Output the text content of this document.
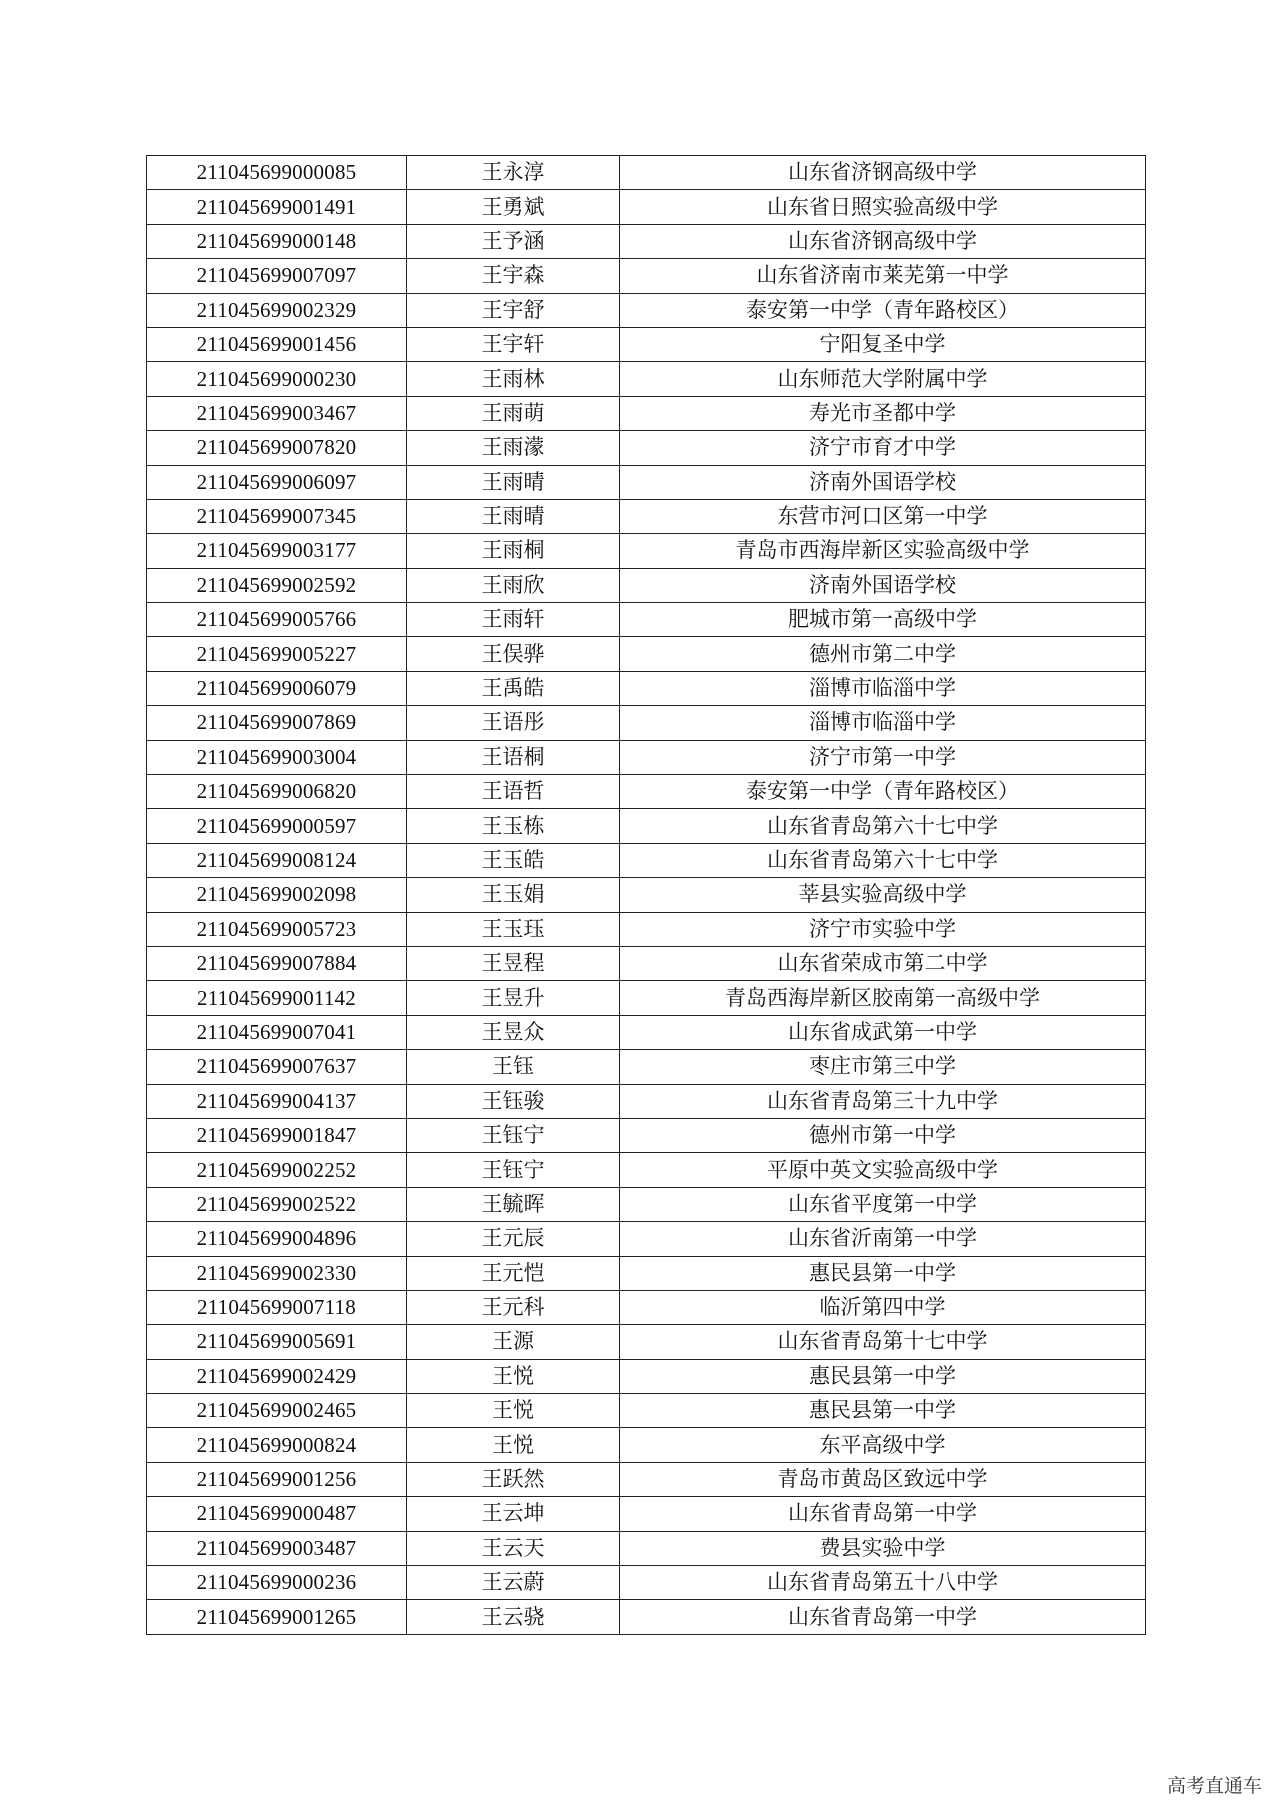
211045699000085	王永淳	山东省济钢高级中学
211045699001491	王勇斌	山东省日照实验高级中学
211045699000148	王予涵	山东省济钢高级中学
211045699007097	王宇森	山东省济南市莱芜第一中学
211045699002329	王宇舒	泰安第一中学（青年路校区）
211045699001456	王宇轩	宁阳复圣中学
211045699000230	王雨林	山东师范大学附属中学
211045699003467	王雨萌	寿光市圣都中学
211045699007820	王雨濛	济宁市育才中学
211045699006097	王雨晴	济南外国语学校
211045699007345	王雨晴	东营市河口区第一中学
211045699003177	王雨桐	青岛市西海岸新区实验高级中学
211045699002592	王雨欣	济南外国语学校
211045699005766	王雨轩	肥城市第一高级中学
211045699005227	王俣骅	德州市第二中学
211045699006079	王禹皓	淄博市临淄中学
211045699007869	王语彤	淄博市临淄中学
211045699003004	王语桐	济宁市第一中学
211045699006820	王语哲	泰安第一中学（青年路校区）
211045699000597	王玉栋	山东省青岛第六十七中学
211045699008124	王玉皓	山东省青岛第六十七中学
211045699002098	王玉娟	莘县实验高级中学
211045699005723	王玉珏	济宁市实验中学
211045699007884	王昱程	山东省荣成市第二中学
211045699001142	王昱升	青岛西海岸新区胶南第一高级中学
211045699007041	王昱众	山东省成武第一中学
211045699007637	王钰	枣庄市第三中学
211045699004137	王钰骏	山东省青岛第三十九中学
211045699001847	王钰宁	德州市第一中学
211045699002252	王钰宁	平原中英文实验高级中学
211045699002522	王毓晖	山东省平度第一中学
211045699004896	王元辰	山东省沂南第一中学
211045699002330	王元恺	惠民县第一中学
211045699007118	王元科	临沂第四中学
211045699005691	王源	山东省青岛第十七中学
211045699002429	王悦	惠民县第一中学
211045699002465	王悦	惠民县第一中学
211045699000824	王悦	东平高级中学
211045699001256	王跃然	青岛市黄岛区致远中学
211045699000487	王云坤	山东省青岛第一中学
211045699003487	王云天	费县实验中学
211045699000236	王云蔚	山东省青岛第五十八中学
211045699001265	王云骁	山东省青岛第一中学
高考直通车
